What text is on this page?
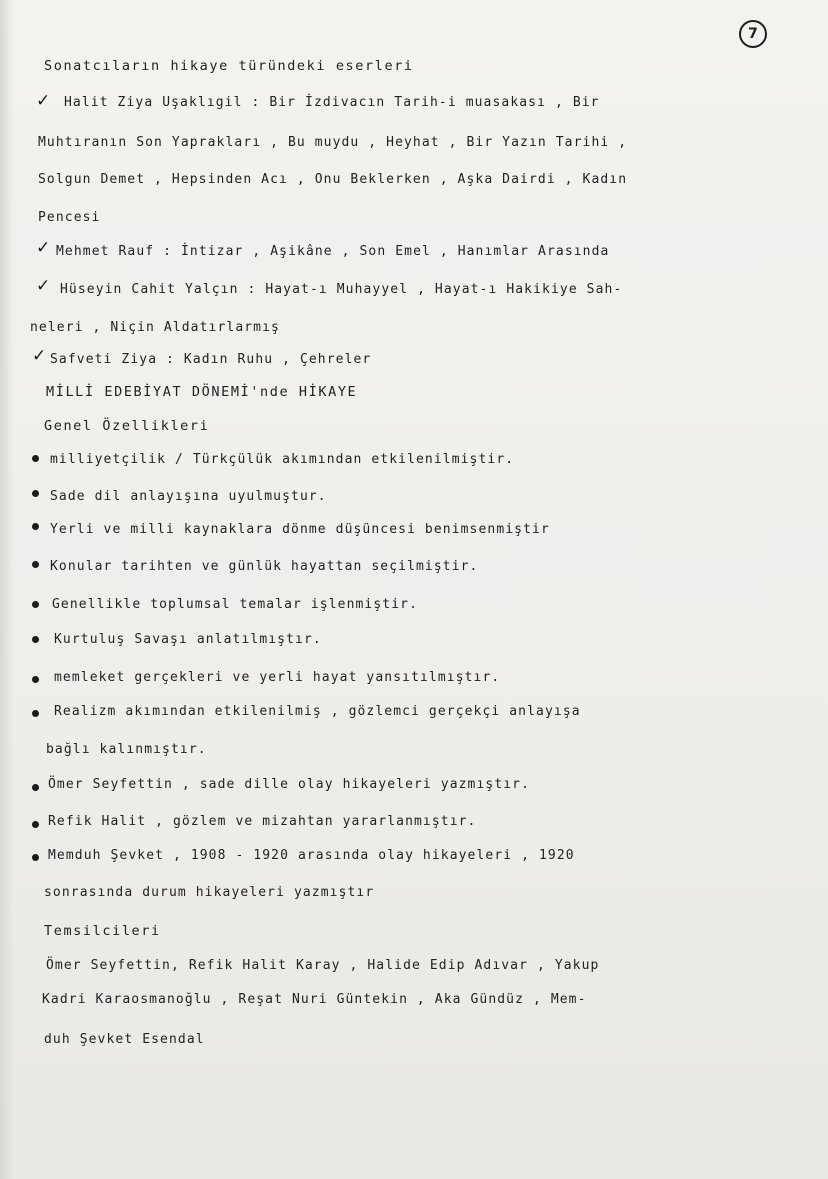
7
Sonatcıların hikaye türündeki eserleri
✓ Halit Ziya Uşaklıgil : Bir İzdivacın Tarih-i muasakası , Bir
Muhtıranın Son Yaprakları , Bu muydu , Heyhat , Bir Yazın Tarihi ,
Solgun Demet , Hepsinden Acı , Onu Beklerken , Aşka Dairdi , Kadın
Pencesi
✓ Mehmet Rauf : İntizar , Aşikâne , Son Emel , Hanımlar Arasında
✓ Hüseyin Cahit Yalçın : Hayat-ı Muhayyel , Hayat-ı Hakikiye Sah-
neleri , Niçin Aldatırlarmış
✓ Safveti Ziya : Kadın Ruhu , Çehreler
MİLLİ EDEBİYAT DÖNEMİ'nde HİKAYE
Genel Özellikleri
milliyetçilik / Türkçülük akımından etkilenilmiştir.
Sade dil anlayışına uyulmuştur.
Yerli ve milli kaynaklara dönme düşüncesi benimsenmiştir
Konular tarihten ve günlük hayattan seçilmiştir.
Genellikle toplumsal temalar işlenmiştir.
Kurtuluş Savaşı anlatılmıştır.
memleket gerçekleri ve yerli hayat yansıtılmıştır.
Realizm akımından etkilenilmiş , gözlemci gerçekçi anlayışa
bağlı kalınmıştır.
Ömer Seyfettin , sade dille olay hikayeleri yazmıştır.
Refik Halit , gözlem ve mizahtan yararlanmıştır.
Memduh Şevket , 1908 - 1920 arasında olay hikayeleri , 1920
sonrasında durum hikayeleri yazmıştır
Temsilcileri
Ömer Seyfettin, Refik Halit Karay , Halide Edip Adıvar , Yakup
Kadri Karaosmanoğlu , Reşat Nuri Güntekin , Aka Gündüz , Mem-
duh Şevket Esendal
